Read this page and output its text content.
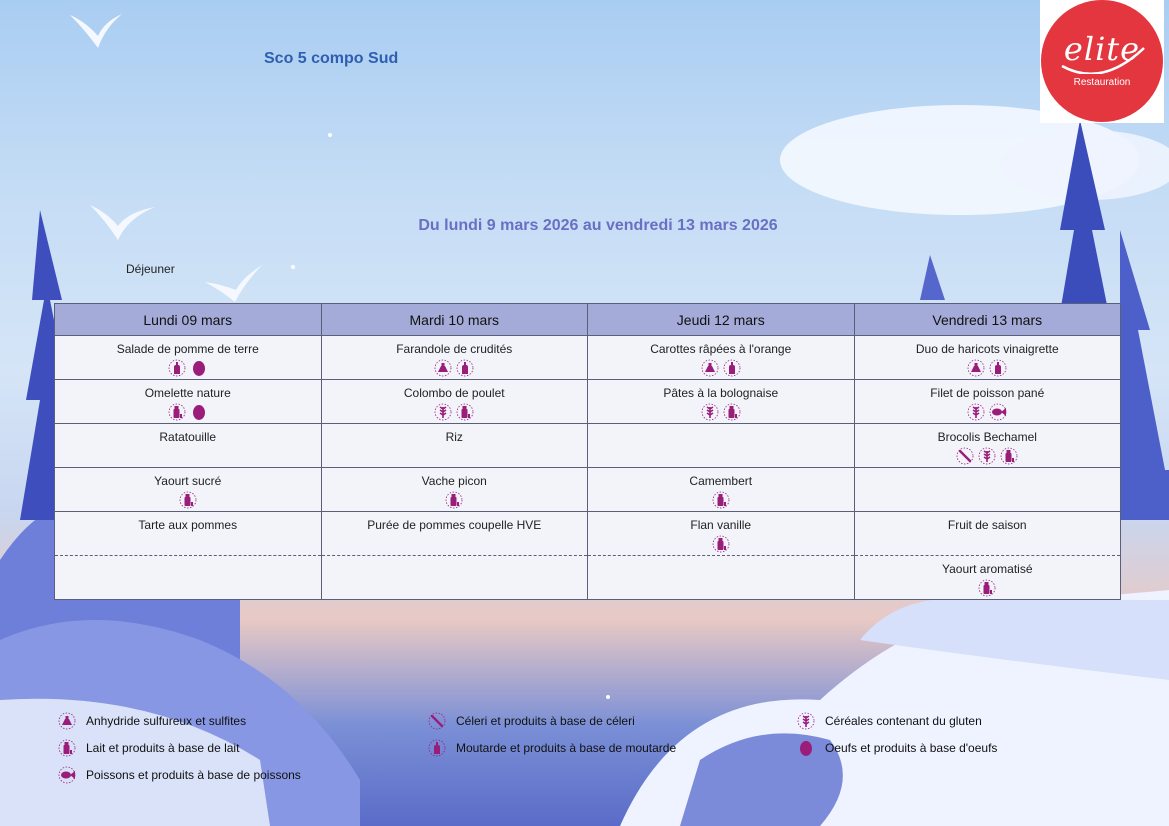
Sco 5 compo Sud	elite
Restauration
Du lundi 9 mars 2026 au vendredi 13 mars 2026
Déjeuner
Lundi 09 mars	Mardi 10 mars	Jeudi 12 mars	Vendredi 13 mars

Salade de pomme de terre	Farandole de crudités	Carottes râpées à l'orange	Duo de haricots vinaigrette

Omelette nature	Colombo de poulet	Pâtes à la bolognaise	Filet de poisson pané

Ratatouille	Riz		Brocolis Bechamel

Yaourt sucré	Vache picon	Camembert	

Tarte aux pommes	Purée de pommes coupelle HVE	Flan vanille	Fruit de saison

			Yaourt aromatisé
Anhydride sulfureux et sulfites	Céleri et produits à base de céleri	Céréales contenant du gluten
Lait et produits à base de lait	Moutarde et produits à base de moutarde	Oeufs et produits à base d'oeufs
Poissons et produits à base de poissons
